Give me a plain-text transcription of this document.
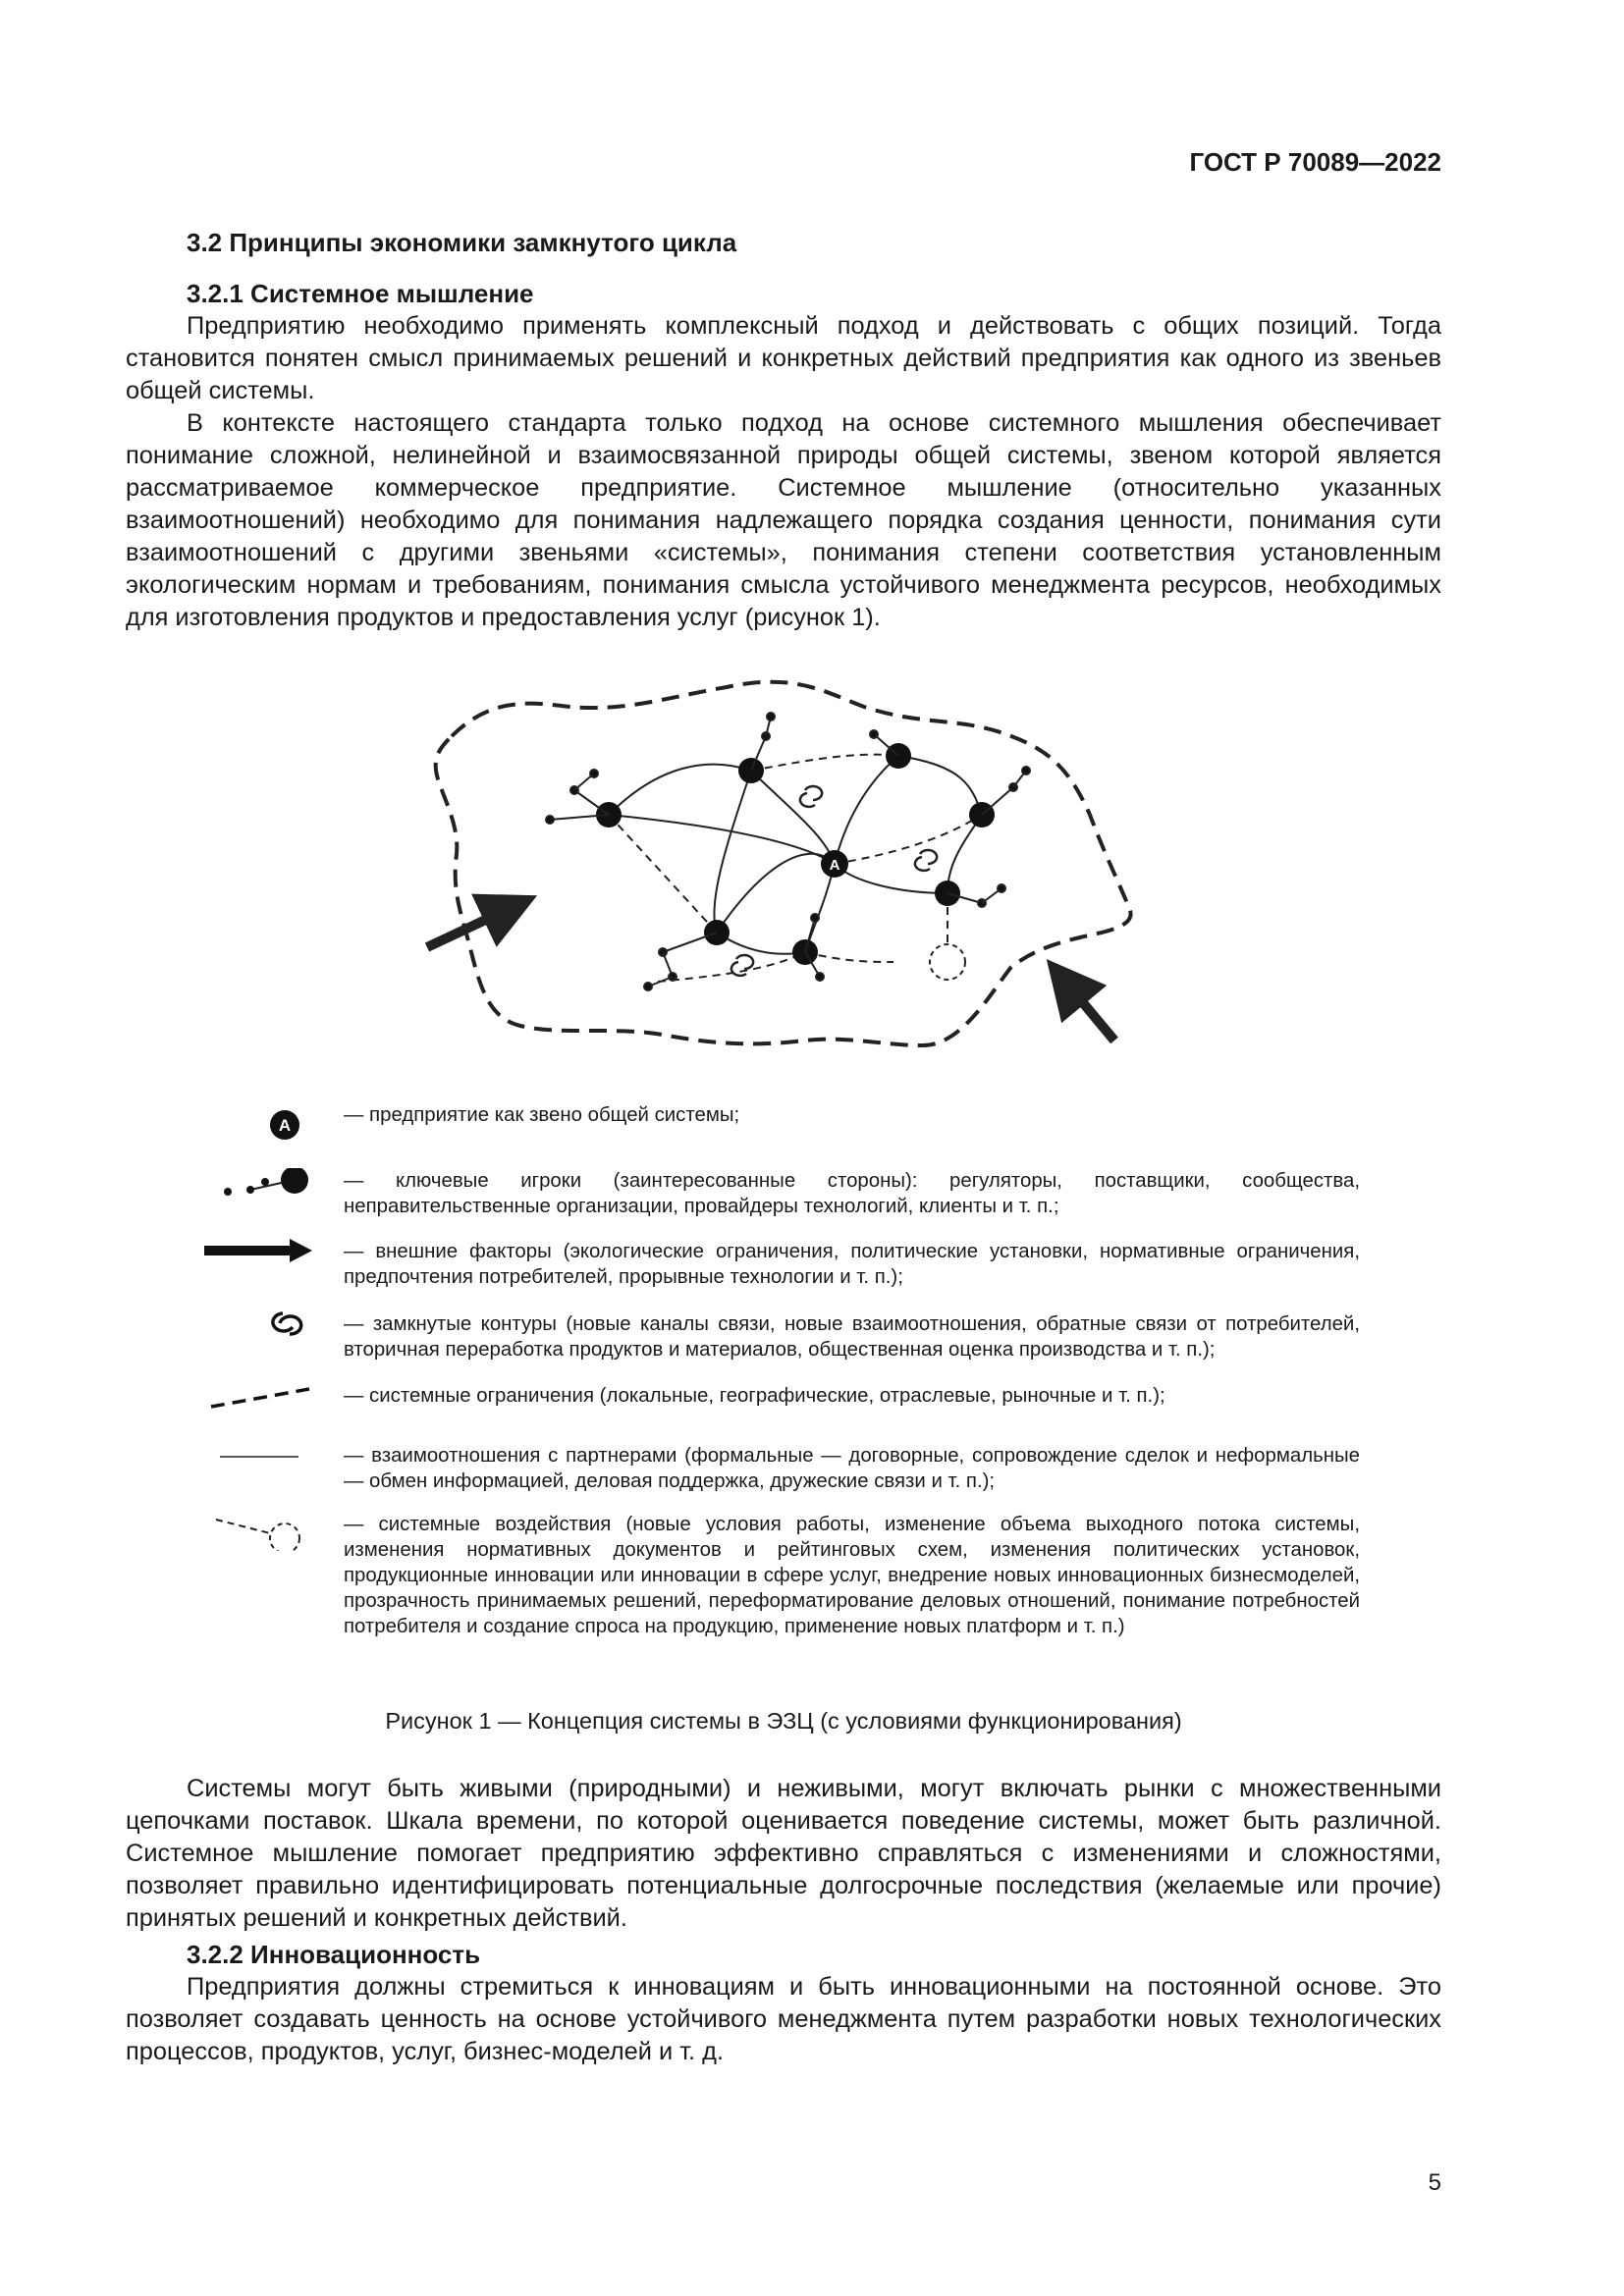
ГОСТ Р 70089—2022
3.2 Принципы экономики замкнутого цикла
3.2.1 Системное мышление

Предприятию необходимо применять комплексный подход и действовать с общих позиций. Тогда становится понятен смысл принимаемых решений и конкретных действий предприятия как одного из звеньев общей системы.

В контексте настоящего стандарта только подход на основе системного мышления обеспечивает понимание сложной, нелинейной и взаимосвязанной природы общей системы, звеном которой является рассматриваемое коммерческое предприятие. Системное мышление (относительно указанных взаимоотношений) необходимо для понимания надлежащего порядка создания ценности, понимания сути взаимоотношений с другими звеньями «системы», понимания степени соответствия установленным экологическим нормам и требованиям, понимания смысла устойчивого менеджмента ресурсов, необходимых для изготовления продуктов и предоставления услуг (рисунок 1).

A
A	— предприятие как звено общей системы;

— ключевые игроки (заинтересованные стороны): регуляторы, поставщики, сообщества, неправительственные организации, провайдеры технологий, клиенты и т. п.;

— внешние факторы (экологические ограничения, политические установки, нормативные ограничения, предпочтения потребителей, прорывные технологии и т. п.);

— замкнутые контуры (новые каналы связи, новые взаимоотношения, обратные связи от потребителей, вторичная переработка продуктов и материалов, общественная оценка производства и т. п.);

— системные ограничения (локальные, географические, отраслевые, рыночные и т. п.);

— взаимоотношения с партнерами (формальные — договорные, сопровождение сделок и неформальные — обмен информацией, деловая поддержка, дружеские связи и т. п.);

— системные воздействия (новые условия работы, изменение объема выходного потока системы, изменения нормативных документов и рейтинговых схем, изменения политических установок, продукционные инновации или инновации в сфере услуг, внедрение новых инновационных бизнесмоделей, прозрачность принимаемых решений, переформатирование деловых отношений, понимание потребностей потребителя и создание спроса на продукцию, применение новых платформ и т. п.)

Рисунок 1 — Концепция системы в ЭЗЦ (с условиями функционирования)

Системы могут быть живыми (природными) и неживыми, могут включать рынки с множественными цепочками поставок. Шкала времени, по которой оценивается поведение системы, может быть различной. Системное мышление помогает предприятию эффективно справляться с изменениями и сложностями, позволяет правильно идентифицировать потенциальные долгосрочные последствия (желаемые или прочие) принятых решений и конкретных действий.

3.2.2 Инновационность

Предприятия должны стремиться к инновациям и быть инновационными на постоянной основе. Это позволяет создавать ценность на основе устойчивого менеджмента путем разработки новых технологических процессов, продуктов, услуг, бизнес-моделей и т. д.

5
